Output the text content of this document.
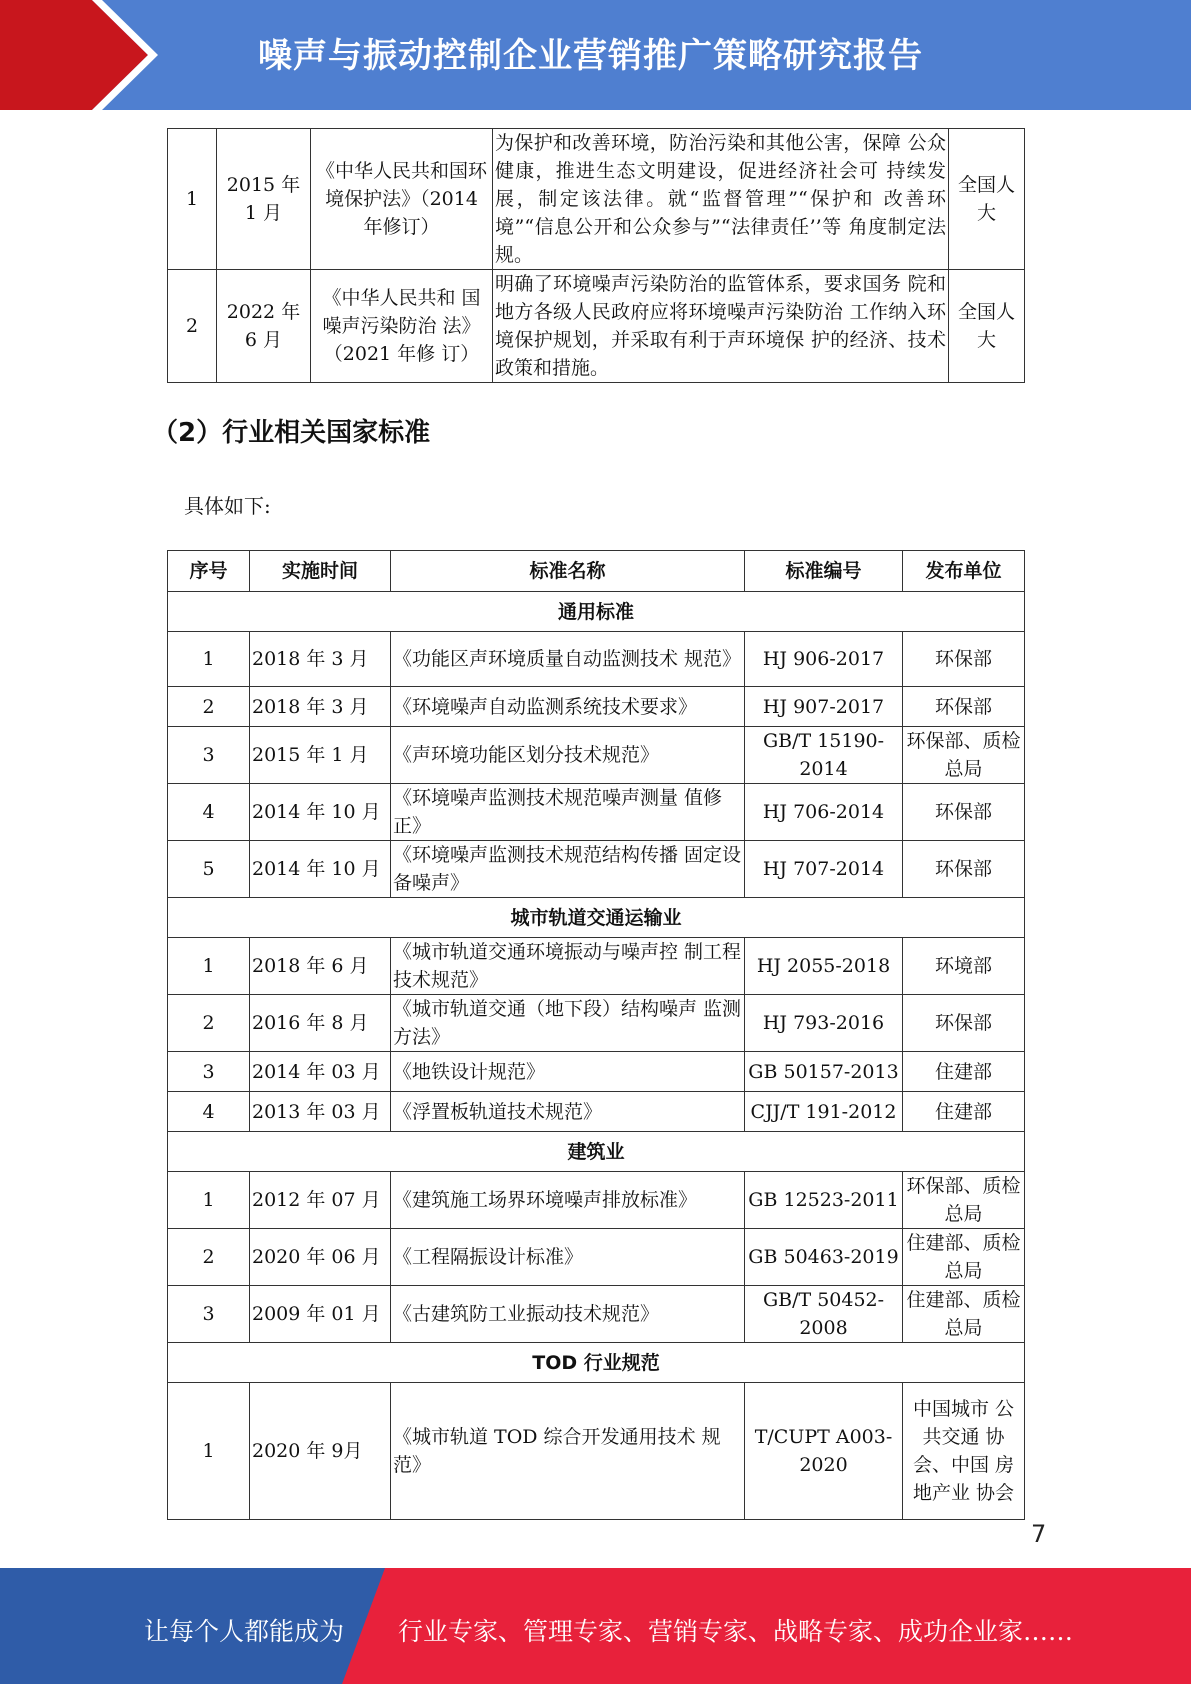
噪声与振动控制企业营销推广策略研究报告
1	2015 年 1 月	《中华人民共和国环境保护法》（2014 年修订）	为保护和改善环境，防治污染和其他公害，保障 公众健康，推进生态文明建设，促进经济社会可 持续发展，制定该法律。就“监督管理”“保护和 改善环境”“信息公开和公众参与”“法律责任’’等 角度制定法规。	全国人大
2	2022 年 6 月	《中华人民共和 国噪声污染防治 法》（2021 年修 订）	明确了环境噪声污染防治的监管体系，要求国务 院和地方各级人民政府应将环境噪声污染防治 工作纳入环境保护规划，并采取有利于声环境保 护的经济、技术政策和措施。	全国人大
（2）行业相关国家标准
具体如下:
序号	实施时间	标准名称	标准编号	发布单位
通用标准				
1	2018 年 3 月	《功能区声环境质量自动监测技术 规范》	HJ 906-2017	环保部
2	2018 年 3 月	《环境噪声自动监测系统技术要求》	HJ 907-2017	环保部
3	2015 年 1 月	《声环境功能区划分技术规范》	GB/T 15190-2014	环保部、质检总局
4	2014 年 10 月	《环境噪声监测技术规范噪声测量 值修正》	HJ 706-2014	环保部
5	2014 年 10 月	《环境噪声监测技术规范结构传播 固定设备噪声》	HJ 707-2014	环保部
城市轨道交通运输业				
1	2018 年 6 月	《城市轨道交通环境振动与噪声控 制工程技术规范》	HJ 2055-2018	环境部
2	2016 年 8 月	《城市轨道交通（地下段）结构噪声 监测方法》	HJ 793-2016	环保部
3	2014 年 03 月	《地铁设计规范》	GB 50157-2013	住建部
4	2013 年 03 月	《浮置板轨道技术规范》	CJJ/T 191-2012	住建部
建筑业				
1	2012 年 07 月	《建筑施工场界环境噪声排放标准》	GB 12523-2011	环保部、质检总局
2	2020 年 06 月	《工程隔振设计标准》	GB 50463-2019	住建部、质检总局
3	2009 年 01 月	《古建筑防工业振动技术规范》	GB/T 50452-2008	住建部、质检总局
TOD 行业规范				
1	2020 年 9月	《城市轨道 TOD 综合开发通用技术 规范》	T/CUPT A003-2020	中国城市 公共交通 协会、中国 房地产业 协会
7
让每个人都能成为 行业专家、管理专家、营销专家、战略专家、成功企业家……
